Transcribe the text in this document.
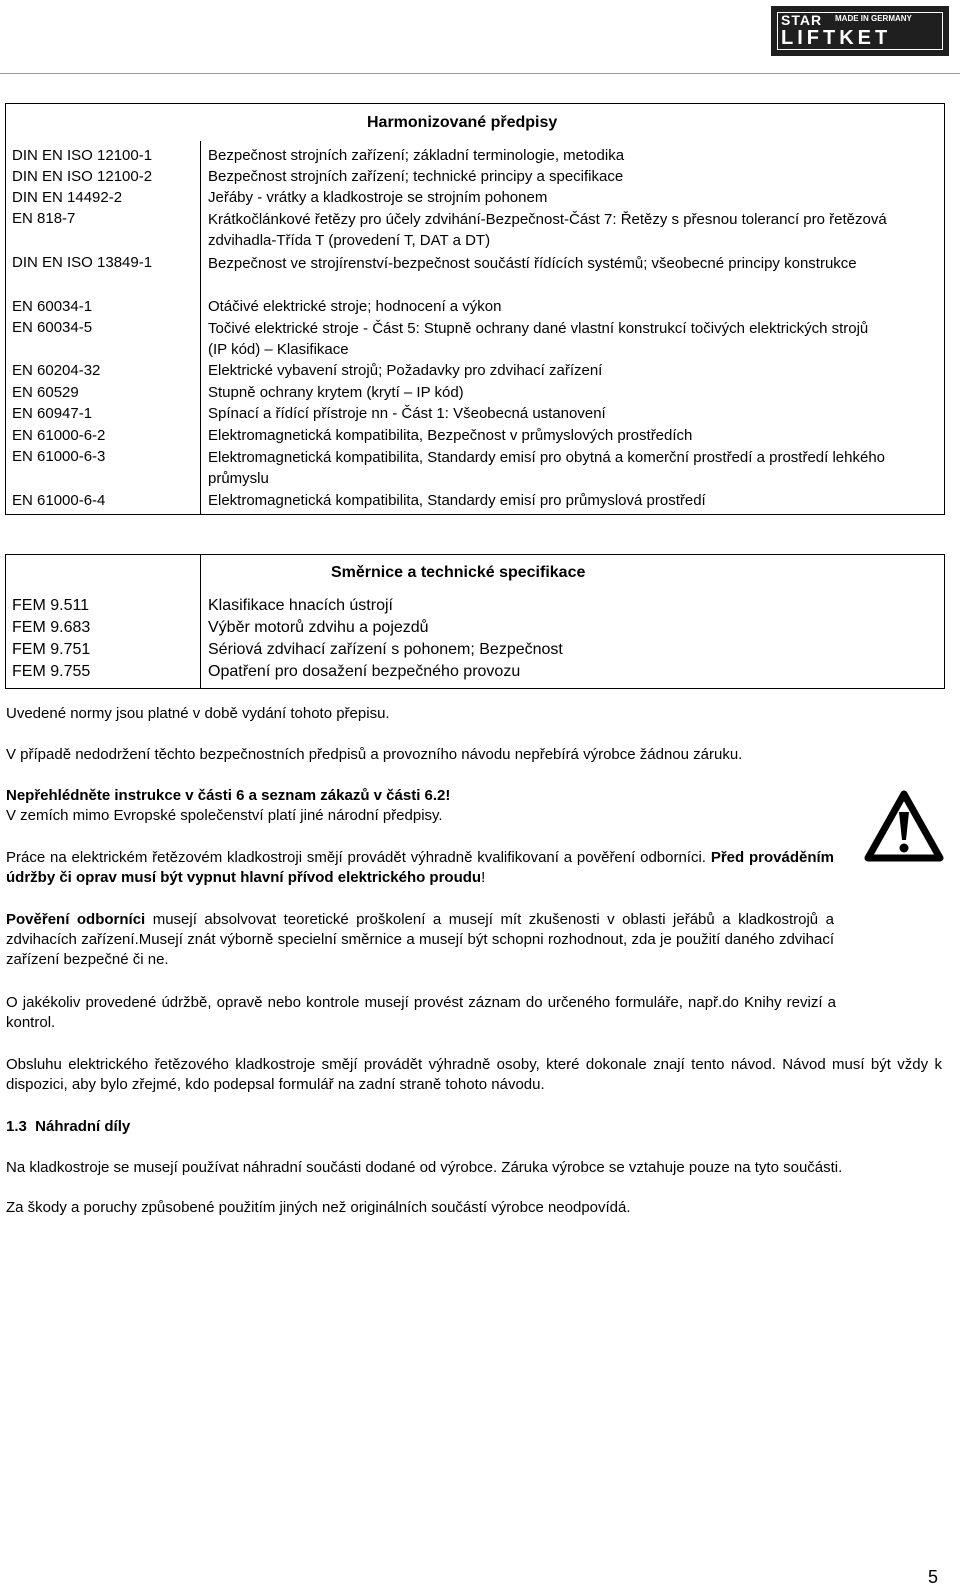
STAR MADE IN GERMANY
LIFTKET
Harmonizované předpisy
DIN EN ISO 12100-1	Bezpečnost strojních zařízení; základní terminologie, metodika
DIN EN ISO 12100-2	Bezpečnost strojních zařízení; technické principy a specifikace
DIN EN 14492-2	Jeřáby - vrátky a kladkostroje se strojním pohonem
EN 818-7	Krátkočlánkové řetězy pro účely zdvihání-Bezpečnost-Část 7: Řetězy s přesnou tolerancí pro řetězová zdvihadla-Třída T (provedení T, DAT a DT)
DIN EN ISO 13849-1	Bezpečnost ve strojírenství-bezpečnost součástí řídících systémů; všeobecné principy konstrukce
EN 60034-1	Otáčivé elektrické stroje; hodnocení a výkon
EN 60034-5	Točivé elektrické stroje - Část 5: Stupně ochrany dané vlastní konstrukcí točivých elektrických strojů (IP kód) – Klasifikace
EN 60204-32	Elektrické vybavení strojů; Požadavky pro zdvihací zařízení
EN 60529	Stupně ochrany krytem (krytí – IP kód)
EN 60947-1	Spínací a řídící přístroje nn - Část 1: Všeobecná ustanovení
EN 61000-6-2	Elektromagnetická kompatibilita, Bezpečnost v průmyslových prostředích
EN 61000-6-3	Elektromagnetická kompatibilita, Standardy emisí pro obytná a komerční prostředí a prostředí lehkého průmyslu
EN 61000-6-4	Elektromagnetická kompatibilita, Standardy emisí pro průmyslová prostředí
Směrnice a technické specifikace
FEM 9.511	Klasifikace hnacích ústrojí
FEM 9.683	Výběr motorů zdvihu a pojezdů
FEM 9.751	Sériová zdvihací zařízení s pohonem; Bezpečnost
FEM 9.755	Opatření pro dosažení bezpečného provozu
Uvedené normy jsou platné v době vydání tohoto přepisu.
V případě nedodržení těchto bezpečnostních předpisů a provozního návodu nepřebírá výrobce žádnou záruku.
Nepřehlédněte instrukce v části 6 a seznam zákazů v části 6.2!
V zemích mimo Evropské společenství platí jiné národní předpisy.
Práce na elektrickém řetězovém kladkostroji smějí provádět výhradně kvalifikovaní a pověření odborníci. Před prováděním údržby či oprav musí být vypnut hlavní přívod elektrického proudu!
Pověření odborníci musejí absolvovat teoretické proškolení a musejí mít zkušenosti v oblasti jeřábů a kladkostrojů a zdvihacích zařízení.Musejí znát výborně specielní směrnice a musejí být schopni rozhodnout, zda je použití daného zdvihací zařízení bezpečné či ne.
O jakékoliv provedené údržbě, opravě nebo kontrole musejí provést záznam do určeného formuláře, např.do Knihy revizí a kontrol.
Obsluhu elektrického řetězového kladkostroje smějí provádět výhradně osoby, které dokonale znají tento návod. Návod musí být vždy k dispozici, aby bylo zřejmé, kdo podepsal formulář na zadní straně tohoto návodu.
1.3  Náhradní díly
Na kladkostroje se musejí používat náhradní součásti dodané od výrobce. Záruka výrobce se vztahuje pouze na tyto součásti.
Za škody a poruchy způsobené použitím jiných než originálních součástí výrobce neodpovídá.
5
